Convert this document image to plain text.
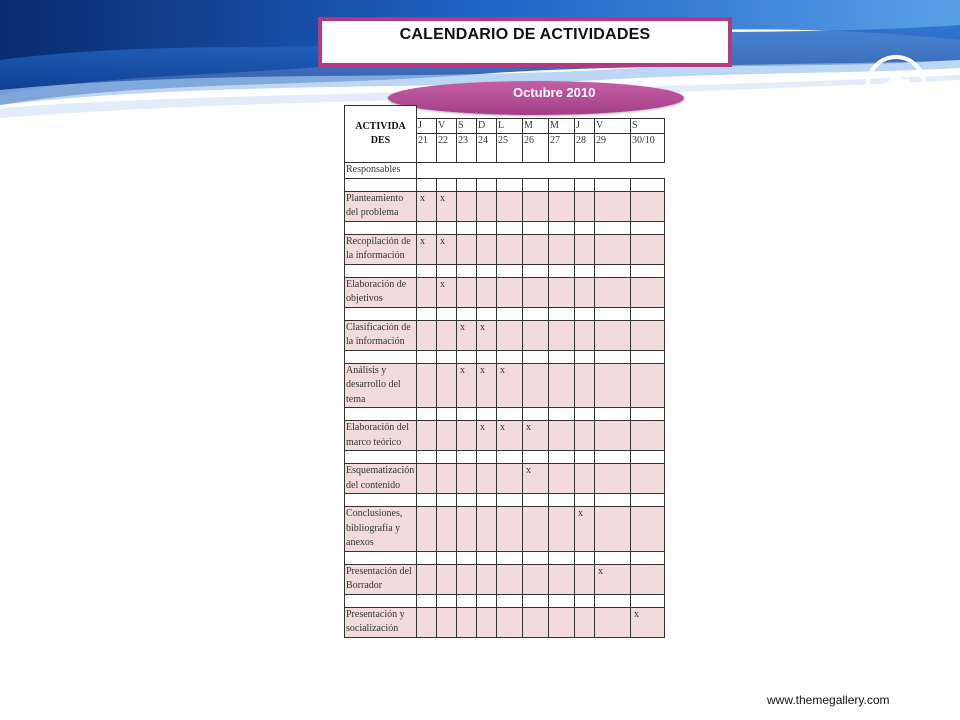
CALENDARIO DE ACTIVIDADES
Octubre 2010
ACTIVIDA DES										
	J	V	S	D	L	M	M	J	V	S
	21	22	23	24	25	26	27	28	29	30/10
Responsables										

Planteamiento del problema	x	x								

Recopilación de la información	x	x								

Elaboración de objetivos		x								

Clasificación de la información			x	x						

Análisis y desarrollo del tema			x	x	x					

Elaboración del marco teórico				x	x	x				

Esquematización del contenido						x				

Conclusiones, bibliografía y anexos								x		

Presentación del Borrador									x	

Presentación y socialización										x
www.themegallery.com
